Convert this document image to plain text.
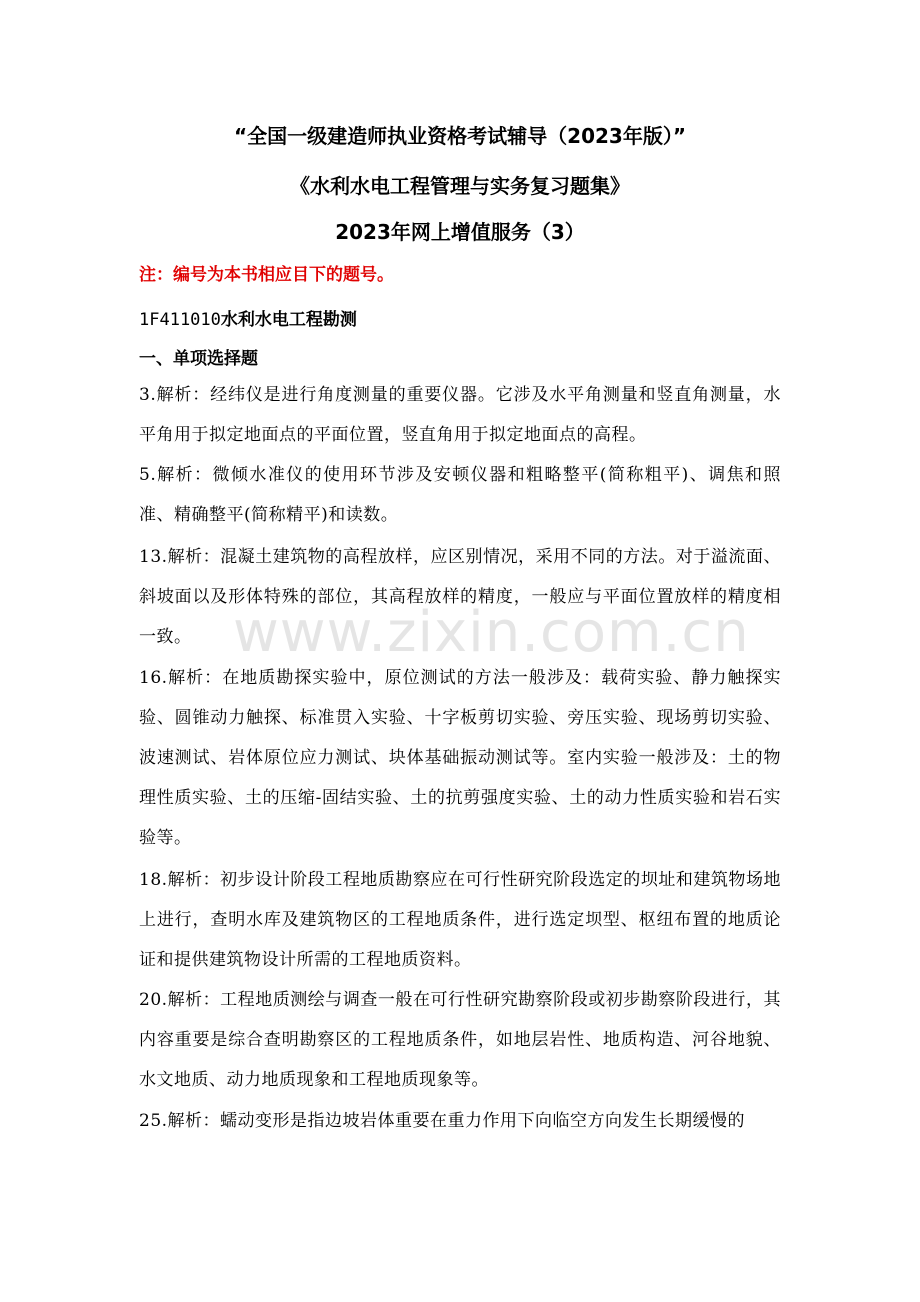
“全国一级建造师执业资格考试辅导（2023年版）”
《水利水电工程管理与实务复习题集》
2023年网上增值服务（3）
注：编号为本书相应目下的题号。
1F411010水利水电工程勘测
一、单项选择题

3.解析：经纬仪是进行角度测量的重要仪器。它涉及水平角测量和竖直角测量，水平角用于拟定地面点的平面位置，竖直角用于拟定地面点的高程。

5.解析：微倾水准仪的使用环节涉及安顿仪器和粗略整平(简称粗平)、调焦和照准、精确整平(简称精平)和读数。

13.解析：混凝土建筑物的高程放样，应区别情况，采用不同的方法。对于溢流面、斜坡面以及形体特殊的部位，其高程放样的精度，一般应与平面位置放样的精度相一致。

16.解析：在地质勘探实验中，原位测试的方法一般涉及：载荷实验、静力触探实验、圆锥动力触探、标准贯入实验、十字板剪切实验、旁压实验、现场剪切实验、波速测试、岩体原位应力测试、块体基础振动测试等。室内实验一般涉及：土的物理性质实验、土的压缩-固结实验、土的抗剪强度实验、土的动力性质实验和岩石实验等。

18.解析：初步设计阶段工程地质勘察应在可行性研究阶段选定的坝址和建筑物场地上进行，查明水库及建筑物区的工程地质条件，进行选定坝型、枢纽布置的地质论证和提供建筑物设计所需的工程地质资料。

20.解析：工程地质测绘与调查一般在可行性研究勘察阶段或初步勘察阶段进行，其内容重要是综合查明勘察区的工程地质条件，如地层岩性、地质构造、河谷地貌、水文地质、动力地质现象和工程地质现象等。

25.解析：蠕动变形是指边坡岩体重要在重力作用下向临空方向发生长期缓慢的

www.zixin.com.cn
